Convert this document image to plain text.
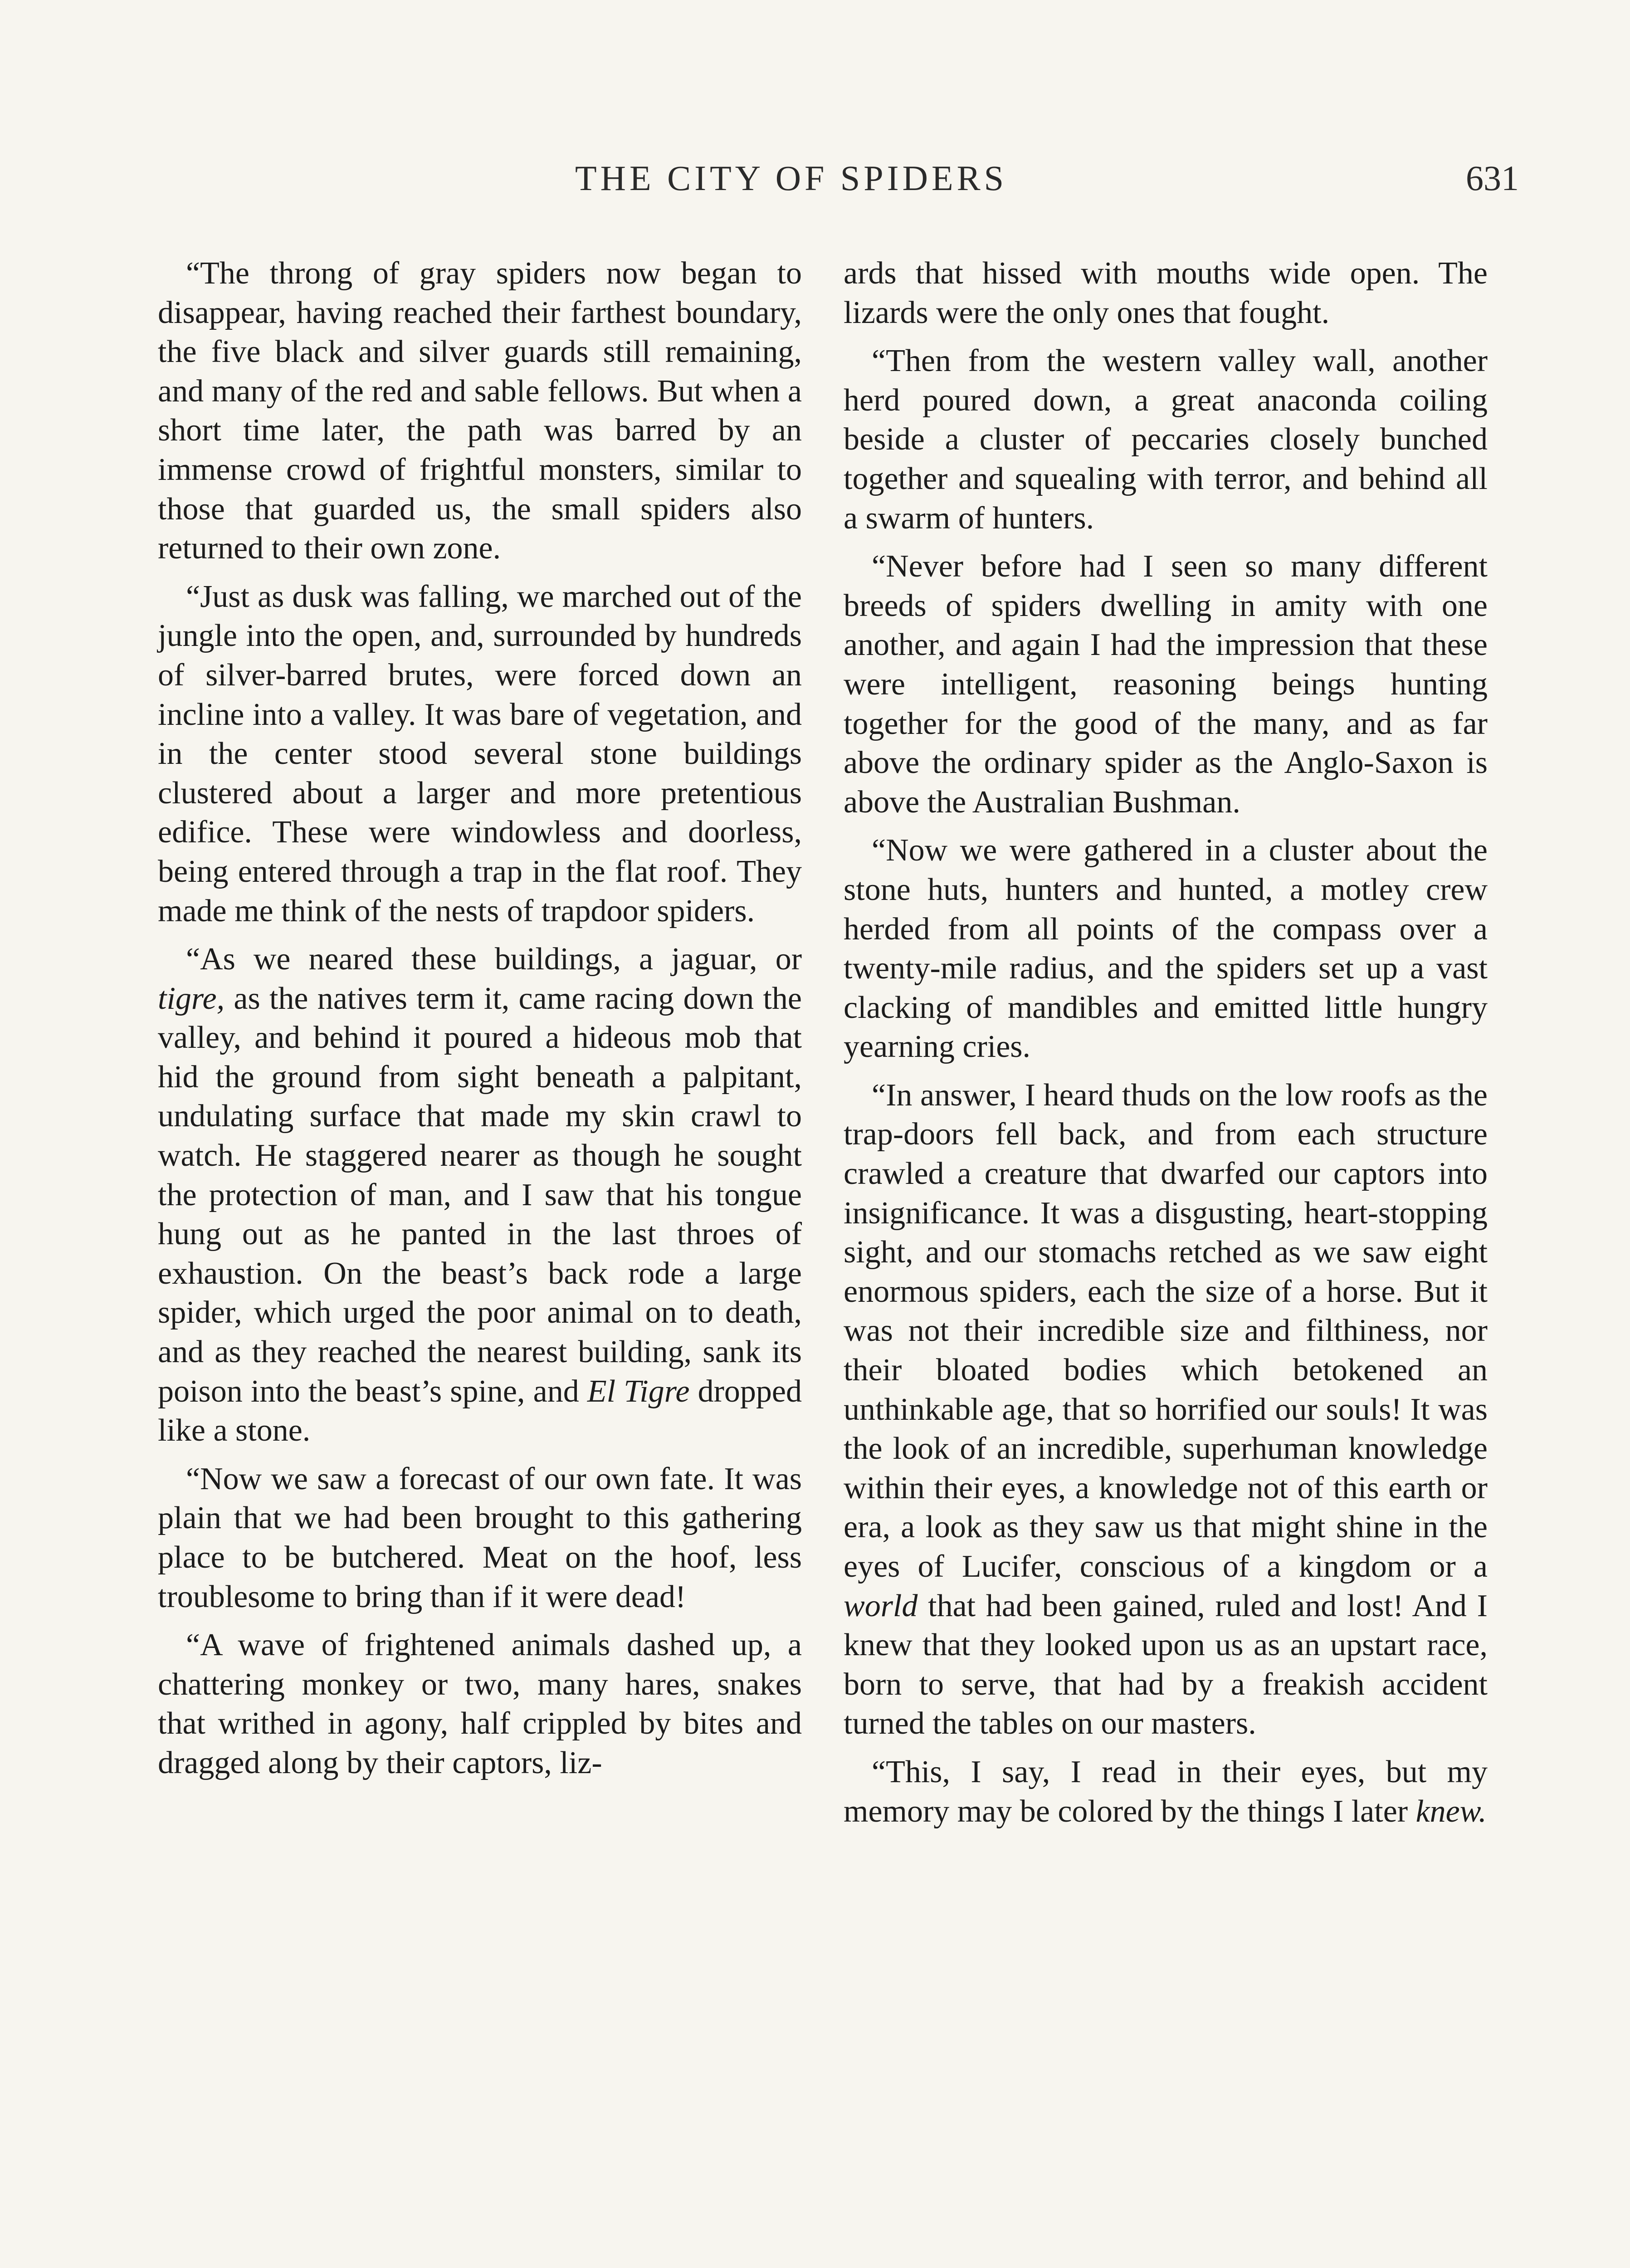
THE CITY OF SPIDERS	631

“The throng of gray spiders now began to disappear, having reached their farthest boundary, the five black and silver guards still remaining, and many of the red and sable fellows. But when a short time later, the path was barred by an immense crowd of frightful monsters, similar to those that guarded us, the small spiders also returned to their own zone.

“Just as dusk was falling, we marched out of the jungle into the open, and, surrounded by hundreds of silver-barred brutes, were forced down an incline into a valley. It was bare of vegetation, and in the center stood several stone buildings clustered about a larger and more pretentious edifice. These were windowless and doorless, being entered through a trap in the flat roof. They made me think of the nests of trapdoor spiders.

“As we neared these buildings, a jaguar, or tigre, as the natives term it, came racing down the valley, and behind it poured a hideous mob that hid the ground from sight beneath a palpitant, undulating surface that made my skin crawl to watch. He staggered nearer as though he sought the protection of man, and I saw that his tongue hung out as he panted in the last throes of exhaustion. On the beast’s back rode a large spider, which urged the poor animal on to death, and as they reached the nearest building, sank its poison into the beast’s spine, and El Tigre dropped like a stone.

“Now we saw a forecast of our own fate. It was plain that we had been brought to this gathering place to be butchered. Meat on the hoof, less troublesome to bring than if it were dead!

“A wave of frightened animals dashed up, a chattering monkey or two, many hares, snakes that writhed in agony, half crippled by bites and dragged along by their captors, liz-

ards that hissed with mouths wide open. The lizards were the only ones that fought.

“Then from the western valley wall, another herd poured down, a great anaconda coiling beside a cluster of peccaries closely bunched together and squealing with terror, and behind all a swarm of hunters.

“Never before had I seen so many different breeds of spiders dwelling in amity with one another, and again I had the impression that these were intelligent, reasoning beings hunting together for the good of the many, and as far above the ordinary spider as the Anglo-Saxon is above the Australian Bushman.

“Now we were gathered in a cluster about the stone huts, hunters and hunted, a motley crew herded from all points of the compass over a twenty-mile radius, and the spiders set up a vast clacking of mandibles and emitted little hungry yearning cries.

“In answer, I heard thuds on the low roofs as the trap-doors fell back, and from each structure crawled a creature that dwarfed our captors into insignificance. It was a disgusting, heart-stopping sight, and our stomachs retched as we saw eight enormous spiders, each the size of a horse. But it was not their incredible size and filthiness, nor their bloated bodies which betokened an unthinkable age, that so horrified our souls! It was the look of an incredible, superhuman knowledge within their eyes, a knowledge not of this earth or era, a look as they saw us that might shine in the eyes of Lucifer, conscious of a kingdom or a world that had been gained, ruled and lost! And I knew that they looked upon us as an upstart race, born to serve, that had by a freakish accident turned the tables on our masters.

“This, I say, I read in their eyes, but my memory may be colored by the things I later knew.
